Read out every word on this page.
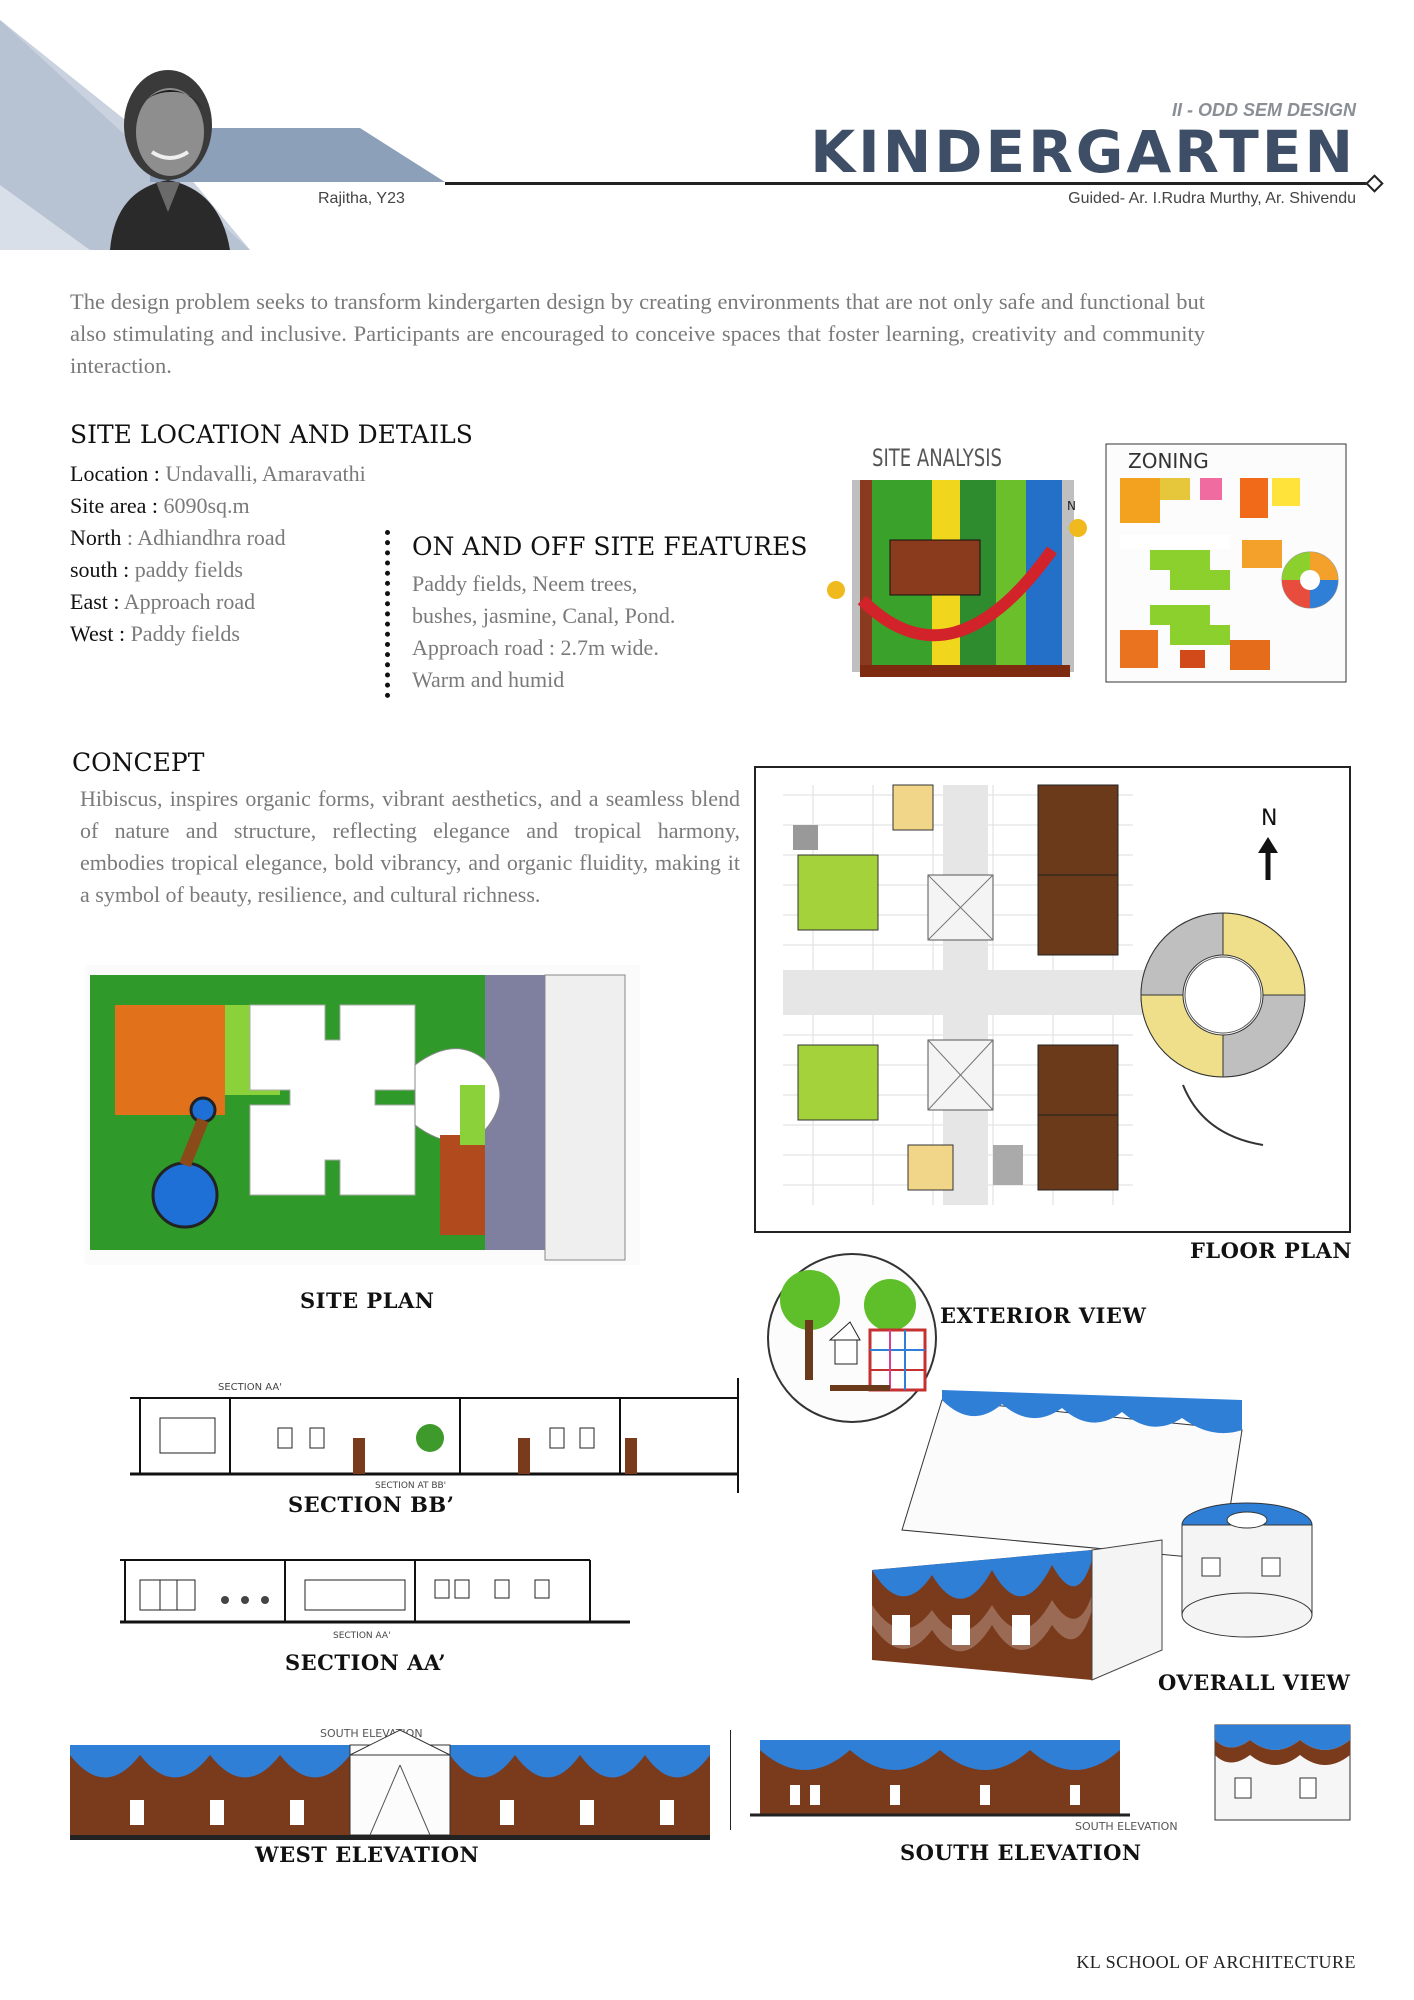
Rajitha, Y23
II - ODD SEM DESIGN
KINDERGARTEN
Guided- Ar. I.Rudra Murthy, Ar. Shivendu

The design problem seeks to transform kindergarten design by creating environments that are not only safe and functional but also stimulating and inclusive. Participants are encouraged to conceive spaces that foster learning, creativity and community interaction.

SITE LOCATION AND DETAILS
Location : Undavalli, Amaravathi
Site area : 6090sq.m
North : Adhiandhra road
south : paddy fields
East : Approach road
West : Paddy fields
ON AND OFF SITE FEATURES
Paddy fields, Neem trees,
bushes, jasmine, Canal, Pond.
Approach road : 2.7m wide.
Warm and humid
SITE ANALYSIS
N
ZONING
CONCEPT

Hibiscus, inspires organic forms, vibrant aesthetics, and a seamless blend of nature and structure, reflecting elegance and tropical harmony, embodies tropical elegance, bold vibrancy, and organic fluidity, making it a symbol of beauty, resilience, and cultural richness.

N
FLOOR PLAN
SITE PLAN
EXTERIOR VIEW
SECTION AA'
SECTION AT BB'
SECTION BB’
SECTION AA'
SECTION AA’
OVERALL VIEW
SOUTH ELEVATION
WEST ELEVATION
SOUTH ELEVATION
SOUTH ELEVATION
KL SCHOOL OF ARCHITECTURE
